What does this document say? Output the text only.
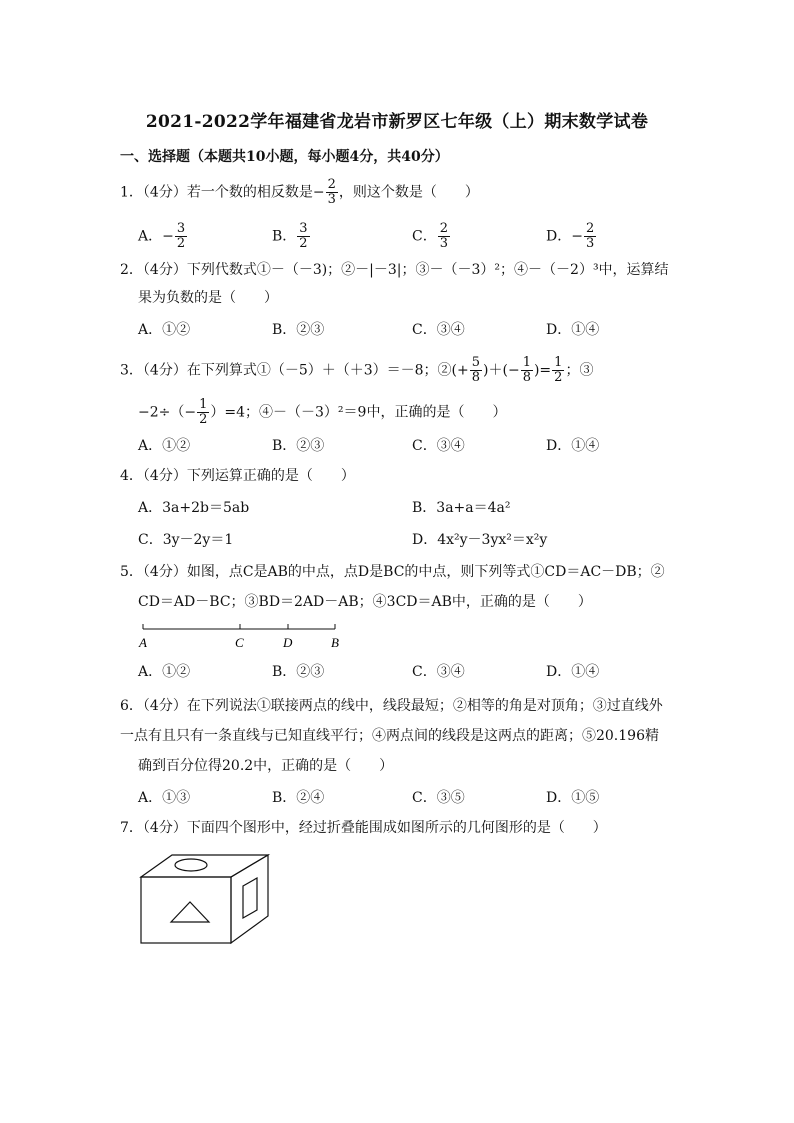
2021-2022学年福建省龙岩市新罗区七年级（上）期末数学试卷
一、选择题（本题共10小题，每小题4分，共40分）
1．（4分）若一个数的相反数是− $\frac{2}{3}$ ，则这个数是（　　）
A．− $\frac{3}{2}$	B． $\frac{3}{2}$	C． $\frac{2}{3}$	D．− $\frac{2}{3}$
2．（4分）下列代数式①－（－3)；②－|－3|；③－（－3）²；④－（－2）³中，运算结
果为负数的是（　　）
A．①②	B．②③	C．③④	D．①④
3．（4分）在下列算式①（－5）＋（＋3）＝－8；②(+ $\frac{5}{8}$ )＋(− $\frac{1}{8}$ )= $\frac{1}{2}$ ；③
$-2\div(- \frac{1}{2} )=4$；④－（－3）²＝9中，正确的是（　　）
A．①②	B．②③	C．③④	D．①④
4．（4分）下列运算正确的是（　　）
A．3a+2b＝5ab	B．3a+a＝4a²
C．3y－2y＝1	D．4x²y－3yx²＝x²y
5．（4分）如图，点C是AB的中点，点D是BC的中点，则下列等式①CD＝AC－DB；②
CD＝AD－BC；③BD＝2AD－AB；④3CD＝AB中，正确的是（　　）
A	C	D	B
A．①②	B．②③	C．③④	D．①④
6．（4分）在下列说法①联接两点的线中，线段最短；②相等的角是对顶角；③过直线外
一点有且只有一条直线与已知直线平行；④两点间的线段是这两点的距离；⑤20.196精
确到百分位得20.2中，正确的是（　　）
A．①③	B．②④	C．③⑤	D．①⑤
7．（4分）下面四个图形中，经过折叠能围成如图所示的几何图形的是（　　）
